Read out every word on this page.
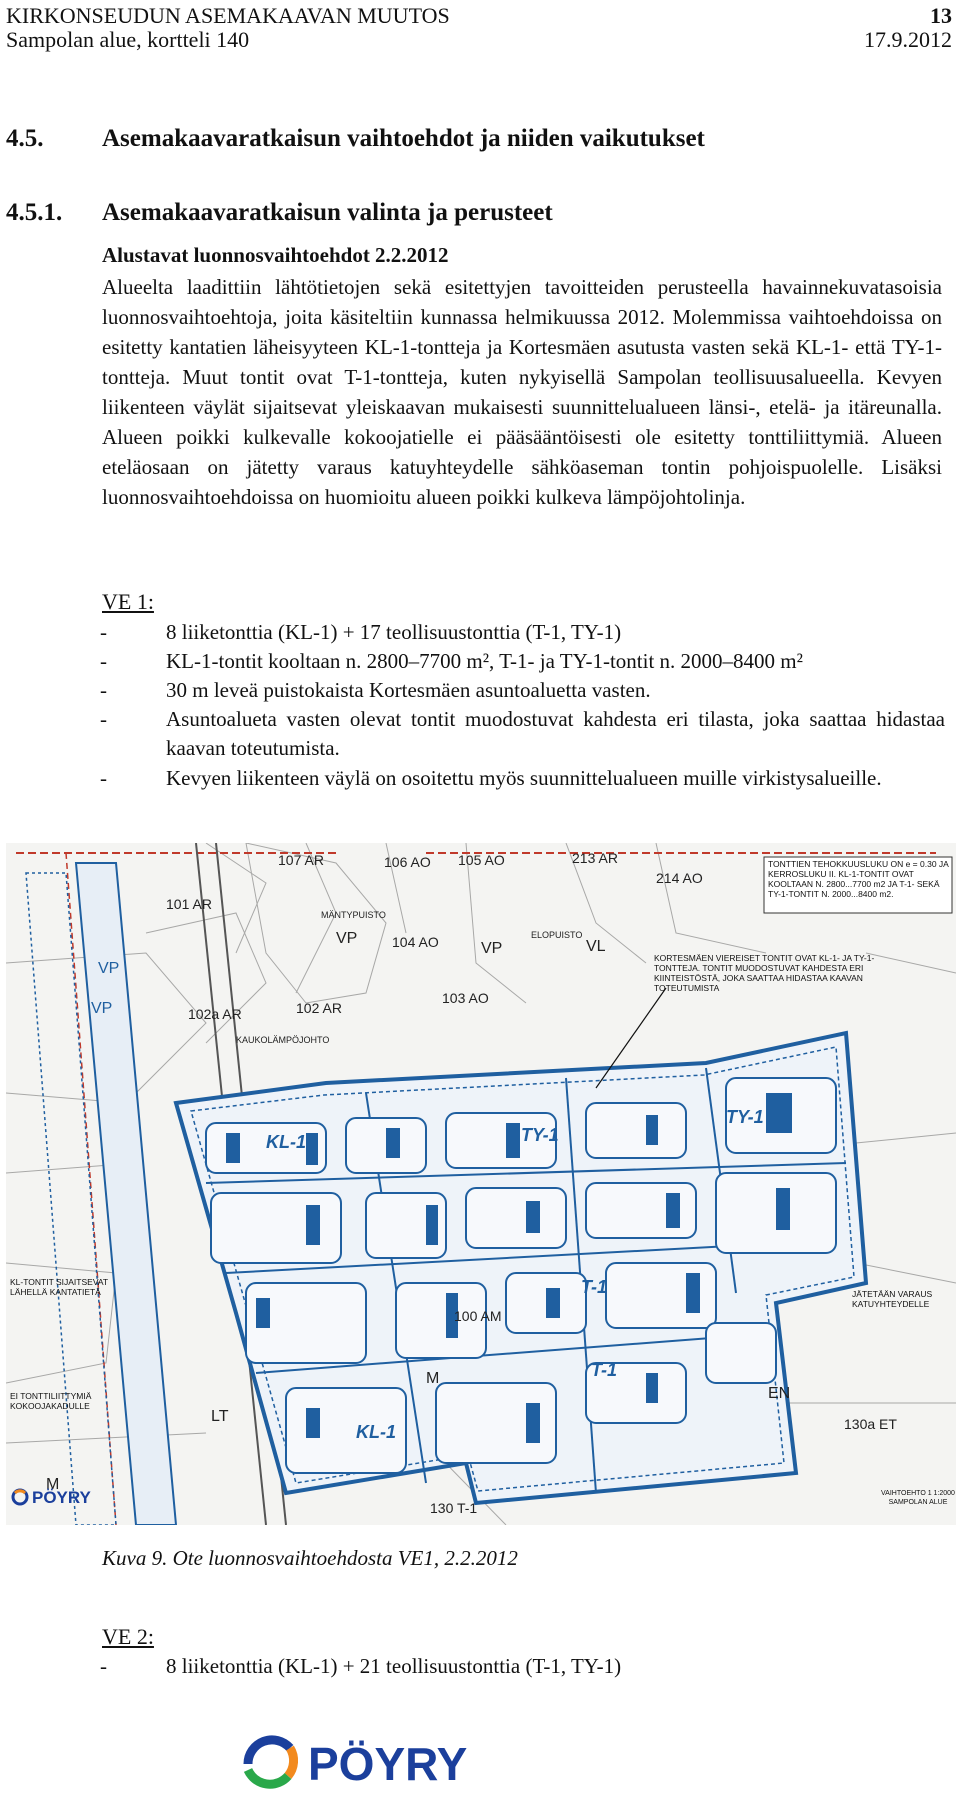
KIRKONSEUDUN ASEMAKAAVAN MUUTOS	13
Sampolan alue, kortteli 140	17.9.2012
4.5. Asemakaavaratkaisun vaihtoehdot ja niiden vaikutukset
4.5.1. Asemakaavaratkaisun valinta ja perusteet
Alustavat luonnosvaihtoehdot 2.2.2012

Alueelta laadittiin lähtötietojen sekä esitettyjen tavoitteiden perusteella havainnekuvatasoisia luonnosvaihtoehtoja, joita käsiteltiin kunnassa helmikuussa 2012. Molemmissa vaihtoehdoissa on esitetty kantatien läheisyyteen KL-1-tontteja ja Kortesmäen asutusta vasten sekä KL-1- että TY-1-tontteja. Muut tontit ovat T-1-tontteja, kuten nykyisellä Sampolan teollisuusalueella. Kevyen liikenteen väylät sijaitsevat yleiskaavan mukaisesti suunnittelualueen länsi-, etelä- ja itäreunalla. Alueen poikki kulkevalle kokoojatielle ei pääsääntöisesti ole esitetty tonttiliittymiä. Alueen eteläosaan on jätetty varaus katuyhteydelle sähköaseman tontin pohjoispuolelle. Lisäksi luonnosvaihtoehdoissa on huomioitu alueen poikki kulkeva lämpöjohtolinja.

VE 1:
-	8 liiketonttia (KL-1) + 17 teollisuustonttia (T-1, TY-1)
-	KL-1-tontit kooltaan n. 2800–7700 m², T-1- ja TY-1-tontit n. 2000–8400 m²
-	30 m leveä puistokaista Kortesmäen asuntoaluetta vasten.
-	Asuntoalueta vasten olevat tontit muodostuvat kahdesta eri tilasta, joka saattaa hidastaa kaavan toteutumista.
-	Kevyen liikenteen väylä on osoitettu myös suunnittelualueen muille virkistysalueille.
107 AR	106 AO 105 AO	213 AR
214 AO
101 AR
104 AO
103 AO
102a AR	102 AR
100 AM
130a ET
130 T-1
VP
VP	VL
VP
VP
EN
LT
M
M
MÄNTYPUISTO
ELOPUISTO
KAUKOLÄMPÖJOHTO
KL-1
TY-1
TY-1
T-1
T-1
KL-1
TONTTIEN TEHOKKUUSLUKU ON e = 0.30 JA KERROSLUKU II. KL-1-TONTIT OVAT KOOLTAAN N. 2800...7700 m2 JA T-1- SEKÄ TY-1-TONTIT N. 2000...8400 m2.
KORTESMÄEN VIEREISET TONTIT OVAT KL-1- JA TY-1-TONTTEJA. TONTIT MUODOSTUVAT KAHDESTA ERI KIINTEISTÖSTÄ, JOKA SAATTAA HIDASTAA KAAVAN TOTEUTUMISTA
KL-TONTIT SIJAITSEVAT LÄHELLÄ KANTATIETÄ
EI TONTTILIITTYMIÄ KOKOOJAKADULLE
JÄTETÄÄN VARAUS KATUYHTEYDELLE
VAIHTOEHTO 1 1:2000 SAMPOLAN ALUE
PÖYRY
Kuva 9. Ote luonnosvaihtoehdosta VE1, 2.2.2012
VE 2:
-	8 liiketonttia (KL-1) + 21 teollisuustonttia (T-1, TY-1)
PÖYRY
